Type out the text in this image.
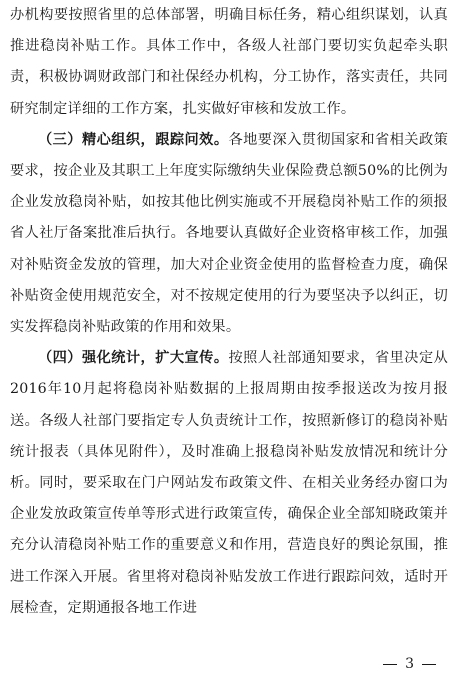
办机构要按照省里的总体部署，明确目标任务，精心组织谋划，认真推进稳岗补贴工作。具体工作中，各级人社部门要切实负起牵头职责，积极协调财政部门和社保经办机构，分工协作，落实责任，共同研究制定详细的工作方案，扎实做好审核和发放工作。

（三）精心组织，跟踪问效。各地要深入贯彻国家和省相关政策要求，按企业及其职工上年度实际缴纳失业保险费总额50%的比例为企业发放稳岗补贴，如按其他比例实施或不开展稳岗补贴工作的须报省人社厅备案批准后执行。各地要认真做好企业资格审核工作，加强对补贴资金发放的管理，加大对企业资金使用的监督检查力度，确保补贴资金使用规范安全，对不按规定使用的行为要坚决予以纠正，切实发挥稳岗补贴政策的作用和效果。

（四）强化统计，扩大宣传。按照人社部通知要求，省里决定从2016年10月起将稳岗补贴数据的上报周期由按季报送改为按月报送。各级人社部门要指定专人负责统计工作，按照新修订的稳岗补贴统计报表（具体见附件），及时准确上报稳岗补贴发放情况和统计分析。同时，要采取在门户网站发布政策文件、在相关业务经办窗口为企业发放政策宣传单等形式进行政策宣传，确保企业全部知晓政策并充分认清稳岗补贴工作的重要意义和作用，营造良好的舆论氛围，推进工作深入开展。省里将对稳岗补贴发放工作进行跟踪问效，适时开展检查，定期通报各地工作进

3
